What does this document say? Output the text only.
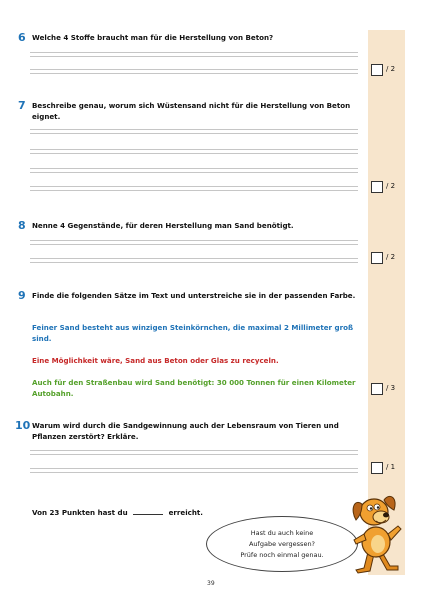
6 Welche 4 Stoffe braucht man für die Herstellung von Beton?
/ 2
7 Beschreibe genau, worum sich Wüstensand nicht für die Herstellung von Beton eignet.
/ 2
8 Nenne 4 Gegenstände, für deren Herstellung man Sand benötigt.
/ 2
9 Finde die folgenden Sätze im Text und unterstreiche sie in der passenden Farbe.
Feiner Sand besteht aus winzigen Steinkörnchen, die maximal 2 Millimeter groß sind.
Eine Möglichkeit wäre, Sand aus Beton oder Glas zu recyceln.
Auch für den Straßenbau wird Sand benötigt: 30 000 Tonnen für einen Kilometer Autobahn.
/ 3
10 Warum wird durch die Sandgewinnung auch der Lebensraum von Tieren und Pflanzen zerstört? Erkläre.
/ 1
Von 23 Punkten hast du	erreicht.
Hast du auch keine
Aufgabe vergessen?
Prüfe noch einmal genau.
39
